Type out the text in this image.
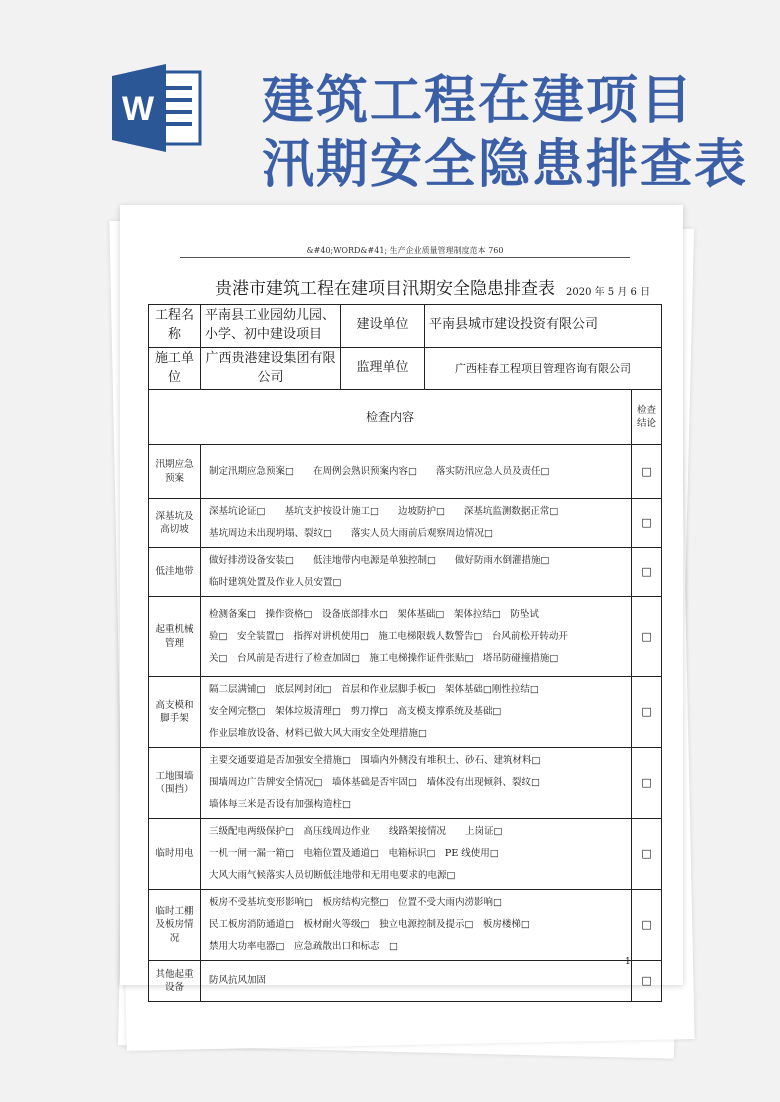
W 建筑工程在建项目
汛期安全隐患排查表
&#40;WORD&#41; 生产企业质量管理制度范本 760
贵港市建筑工程在建项目汛期安全隐患排查表 2020 年 5 月 6 日
工程名称	平南县工业园幼儿园、小学、初中建设项目	建设单位	平南县城市建设投资有限公司	
施工单位	广西贵港建设集团有限公司	监理单位	广西桂春工程项目管理咨询有限公司	
检查内容				检查结论
汛期应急预案	制定汛期应急预案□　　在周例会熟识预案内容□　　落实防汛应急人员及责任□			□
深基坑及高切坡	深基坑论证□　　基坑支护按设计施工□　　边坡防护□　　深基坑监测数据正常□
基坑周边未出现坍塌、裂纹□　　落实人员大雨前后观察周边情况□			□
低洼地带	做好排涝设备安装□　　低洼地带内电源是单独控制□　　做好防雨水倒灌措施□
临时建筑处置及作业人员安置□			□
起重机械管理	检测备案□　操作资格□　设备底部排水□　架体基础□　架体拉结□　防坠试
验□　安全装置□　指挥对讲机使用□　施工电梯限载人数警告□　台风前松开转动开
关□　台风前是否进行了检查加固□　施工电梯操作证件张贴□　塔吊防碰撞措施□			□
高支模和脚手架	隔二层满铺□　底层网封闭□　首层和作业层脚手板□　架体基础□刚性拉结□
安全网完整□　架体垃圾清理□　剪刀撑□　高支模支撑系统及基础□
作业层堆放设备、材料已做大风大雨安全处理措施□			□
工地围墙（围挡）	主要交通要道是否加强安全措施□　围墙内外侧没有堆积土、砂石、建筑材料□
围墙周边广告牌安全情况□　墙体基础是否牢固□　墙体没有出现倾斜、裂纹□
墙体每三米是否设有加强构造柱□			□
临时用电	三级配电两级保护□　高压线周边作业　　线路架接情况　　上岗证□
一机一闸一漏一箱□　电箱位置及通道□　电箱标识□　PE 线使用□
大风大雨气候落实人员切断低洼地带和无用电要求的电源□			□
临时工棚及板房情况	板房不受基坑变形影响□　板房结构完整□　位置不受大雨内涝影响□
民工板房消防通道□　板材耐火等级□　独立电源控制及提示□　板房楼梯□
禁用大功率电器□　应急疏散出口和标志　□			□
其他起重设备	防风抗风加固			□
1
